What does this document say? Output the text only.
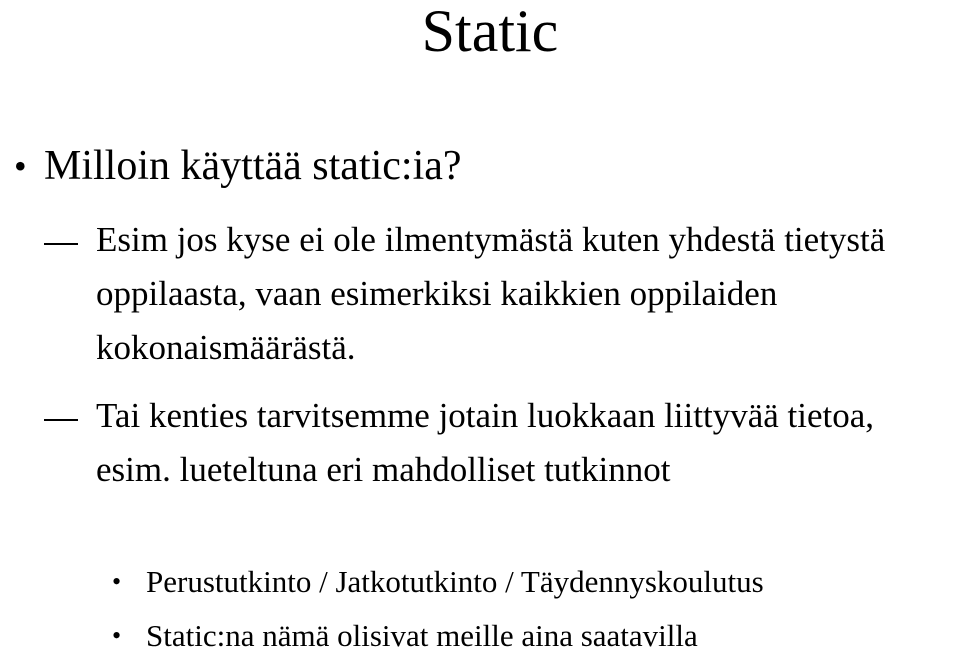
Static
• Milloin käyttää static:ia?
Esim jos kyse ei ole ilmentymästä kuten yhdestä tietystä oppilaasta, vaan esimerkiksi kaikkien oppilaiden kokonaismäärästä.
Tai kenties tarvitsemme jotain luokkaan liittyvää tietoa, esim. lueteltuna eri mahdolliset tutkinnot
• Perustutkinto / Jatkotutkinto / Täydennyskoulutus
• Static:na nämä olisivat meille aina saatavilla
